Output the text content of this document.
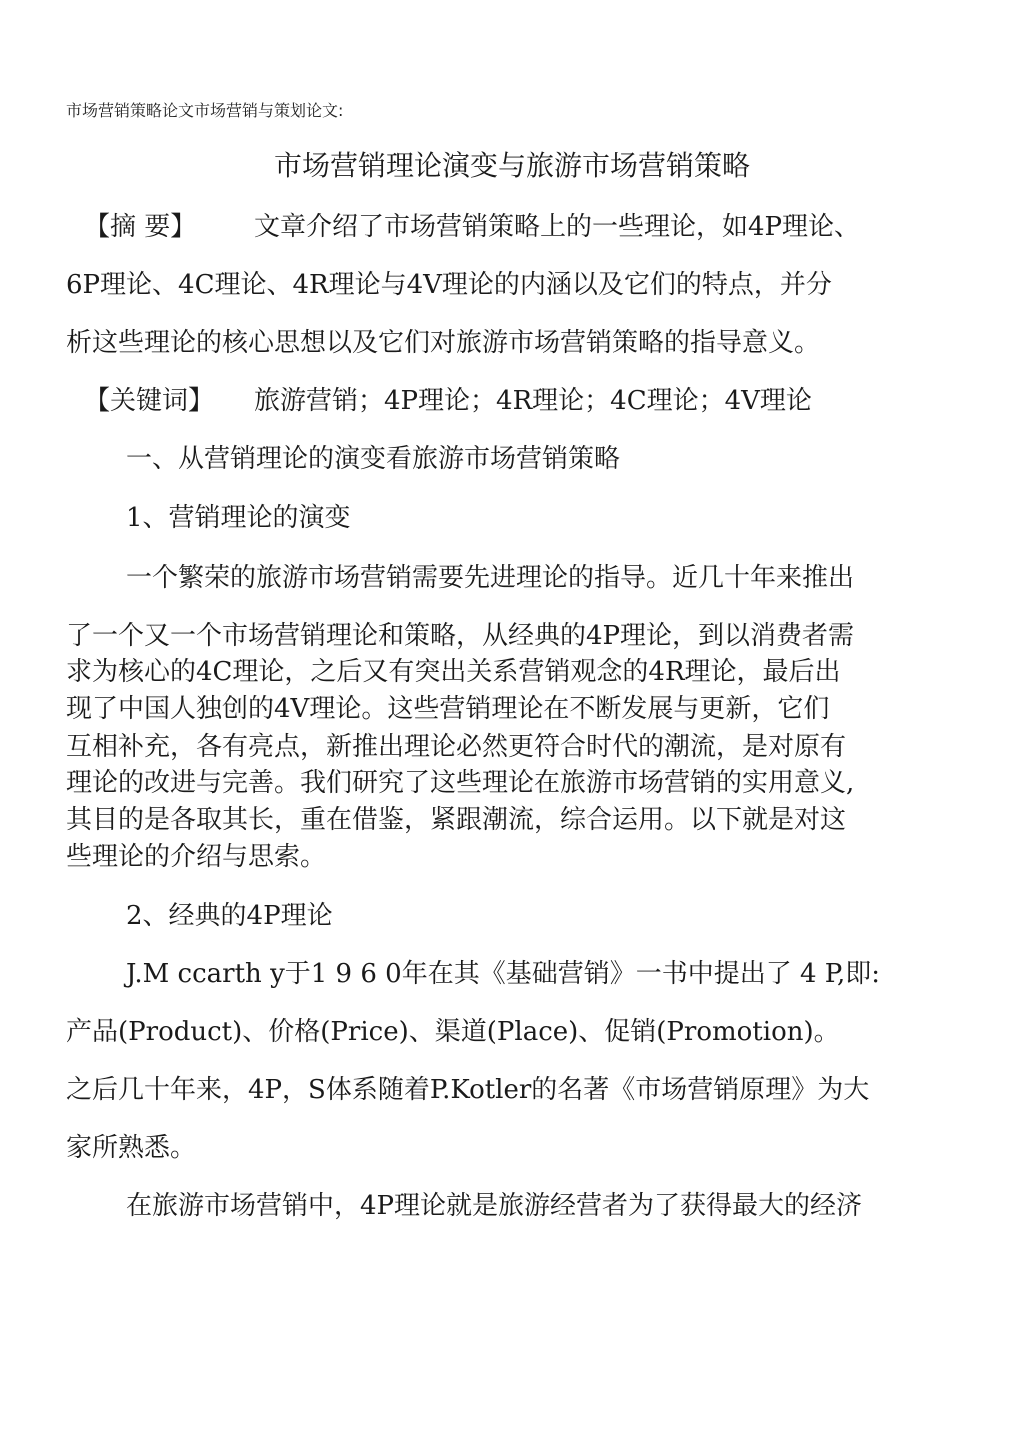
市场营销策略论文市场营销与策划论文:
市场营销理论演变与旅游市场营销策略
【摘 要】 文章介绍了市场营销策略上的一些理论，如4P理论、
6P理论、4C理论、4R理论与4V理论的内涵以及它们的特点，并分
析这些理论的核心思想以及它们对旅游市场营销策略的指导意义。
【关键词】 旅游营销；4P理论；4R理论；4C理论；4V理论
一、从营销理论的演变看旅游市场营销策略
1、营销理论的演变
一个繁荣的旅游市场营销需要先进理论的指导。近几十年来推出
了一个又一个市场营销理论和策略，从经典的4P理论，到以消费者需
求为核心的4C理论，之后又有突出关系营销观念的4R理论，最后出
现了中国人独创的4V理论。这些营销理论在不断发展与更新，它们
互相补充，各有亮点，新推出理论必然更符合时代的潮流，是对原有
理论的改进与完善。我们研究了这些理论在旅游市场营销的实用意义,
其目的是各取其长，重在借鉴，紧跟潮流，综合运用。以下就是对这
些理论的介绍与思索。
2、经典的4P理论
J.M ccarth y于1 9 6 0年在其《基础营销》一书中提出了 4 P,即:
产品(Product)、价格(Price)、渠道(Place)、促销(Promotion)。
之后几十年来，4P，S体系随着P.Kotler的名著《市场营销原理》为大
家所熟悉。
在旅游市场营销中，4P理论就是旅游经营者为了获得最大的经济
